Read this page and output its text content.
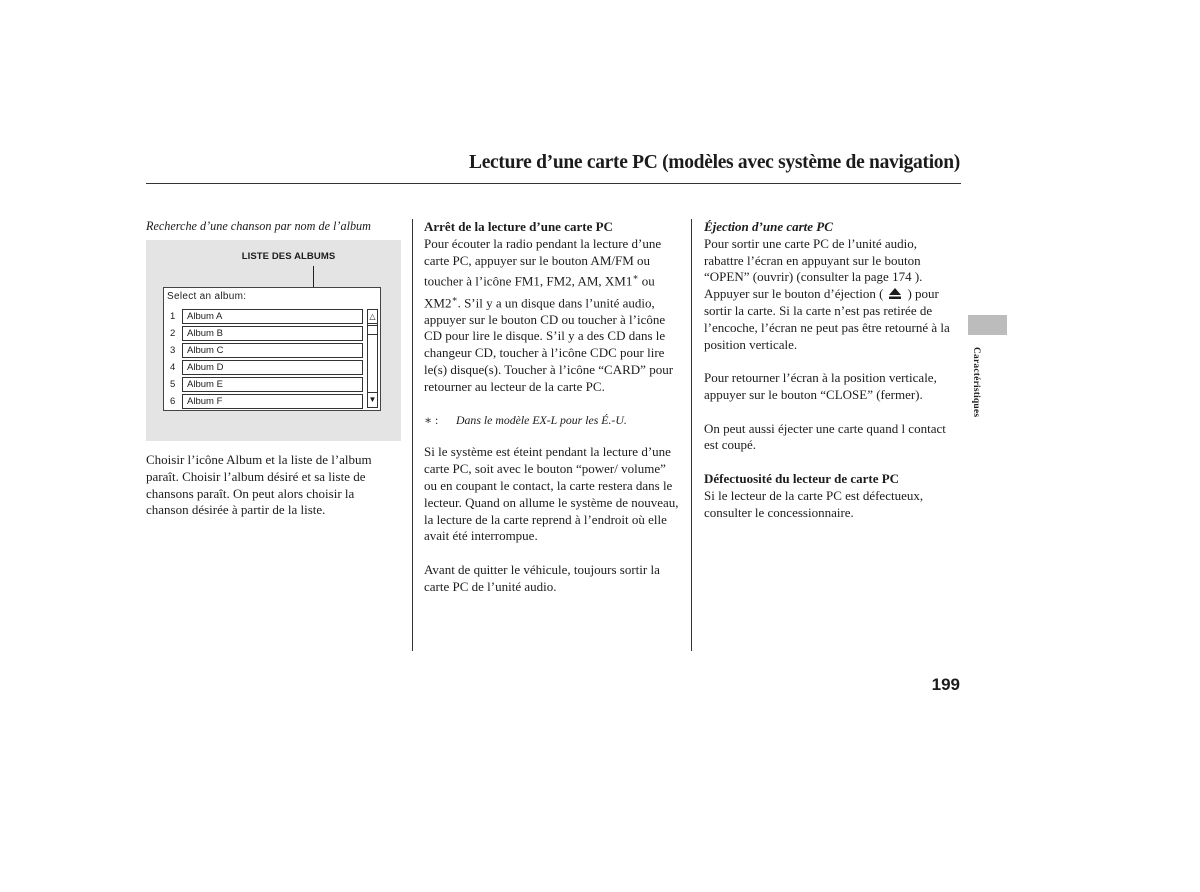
Lecture d’une carte PC (modèles avec système de navigation)
Recherche d’une chanson par nom de l’album
LISTE DES ALBUMS
Select an album:
1 Album A
2 Album B
3 Album C
4 Album D
5 Album E
6 Album F
△
▼

Choisir l’icône Album et la liste de l’album paraît. Choisir l’album désiré et sa liste de chansons paraît. On peut alors choisir la chanson désirée à partir de la liste.

Arrêt de la lecture d’une carte PC

Pour écouter la radio pendant la lecture d’une carte PC, appuyer sur le bouton AM/FM ou toucher à l’icône FM1, FM2, AM, XM1∗ ou XM2∗. S’il y a un disque dans l’unité audio, appuyer sur le bouton CD ou toucher à l’icône CD pour lire le disque. S’il y a des CD dans le changeur CD, toucher à l’icône CDC pour lire le(s) disque(s). Toucher à l’icône “CARD” pour retourner au lecteur de la carte PC.

∗ : Dans le modèle EX-L pour les É.-U.

Si le système est éteint pendant la lecture d’une carte PC, soit avec le bouton “power/ volume” ou en coupant le contact, la carte restera dans le lecteur. Quand on allume le système de nouveau, la lecture de la carte reprend à l’endroit où elle avait été interrompue.

Avant de quitter le véhicule, toujours sortir la carte PC de l’unité audio.

Éjection d’une carte PC

Pour sortir une carte PC de l’unité audio, rabattre l’écran en appuyant sur le bouton “OPEN” (ouvrir) (consulter la page 174 ). Appuyer sur le bouton d’éjection ( ) pour sortir la carte. Si la carte n’est pas retirée de l’encoche, l’écran ne peut pas être retourné à la position verticale.

Pour retourner l’écran à la position verticale, appuyer sur le bouton “CLOSE” (fermer).

On peut aussi éjecter une carte quand l contact est coupé.

Défectuosité du lecteur de carte PC

Si le lecteur de la carte PC est défectueux, consulter le concessionnaire.

Caractéristiques
199
